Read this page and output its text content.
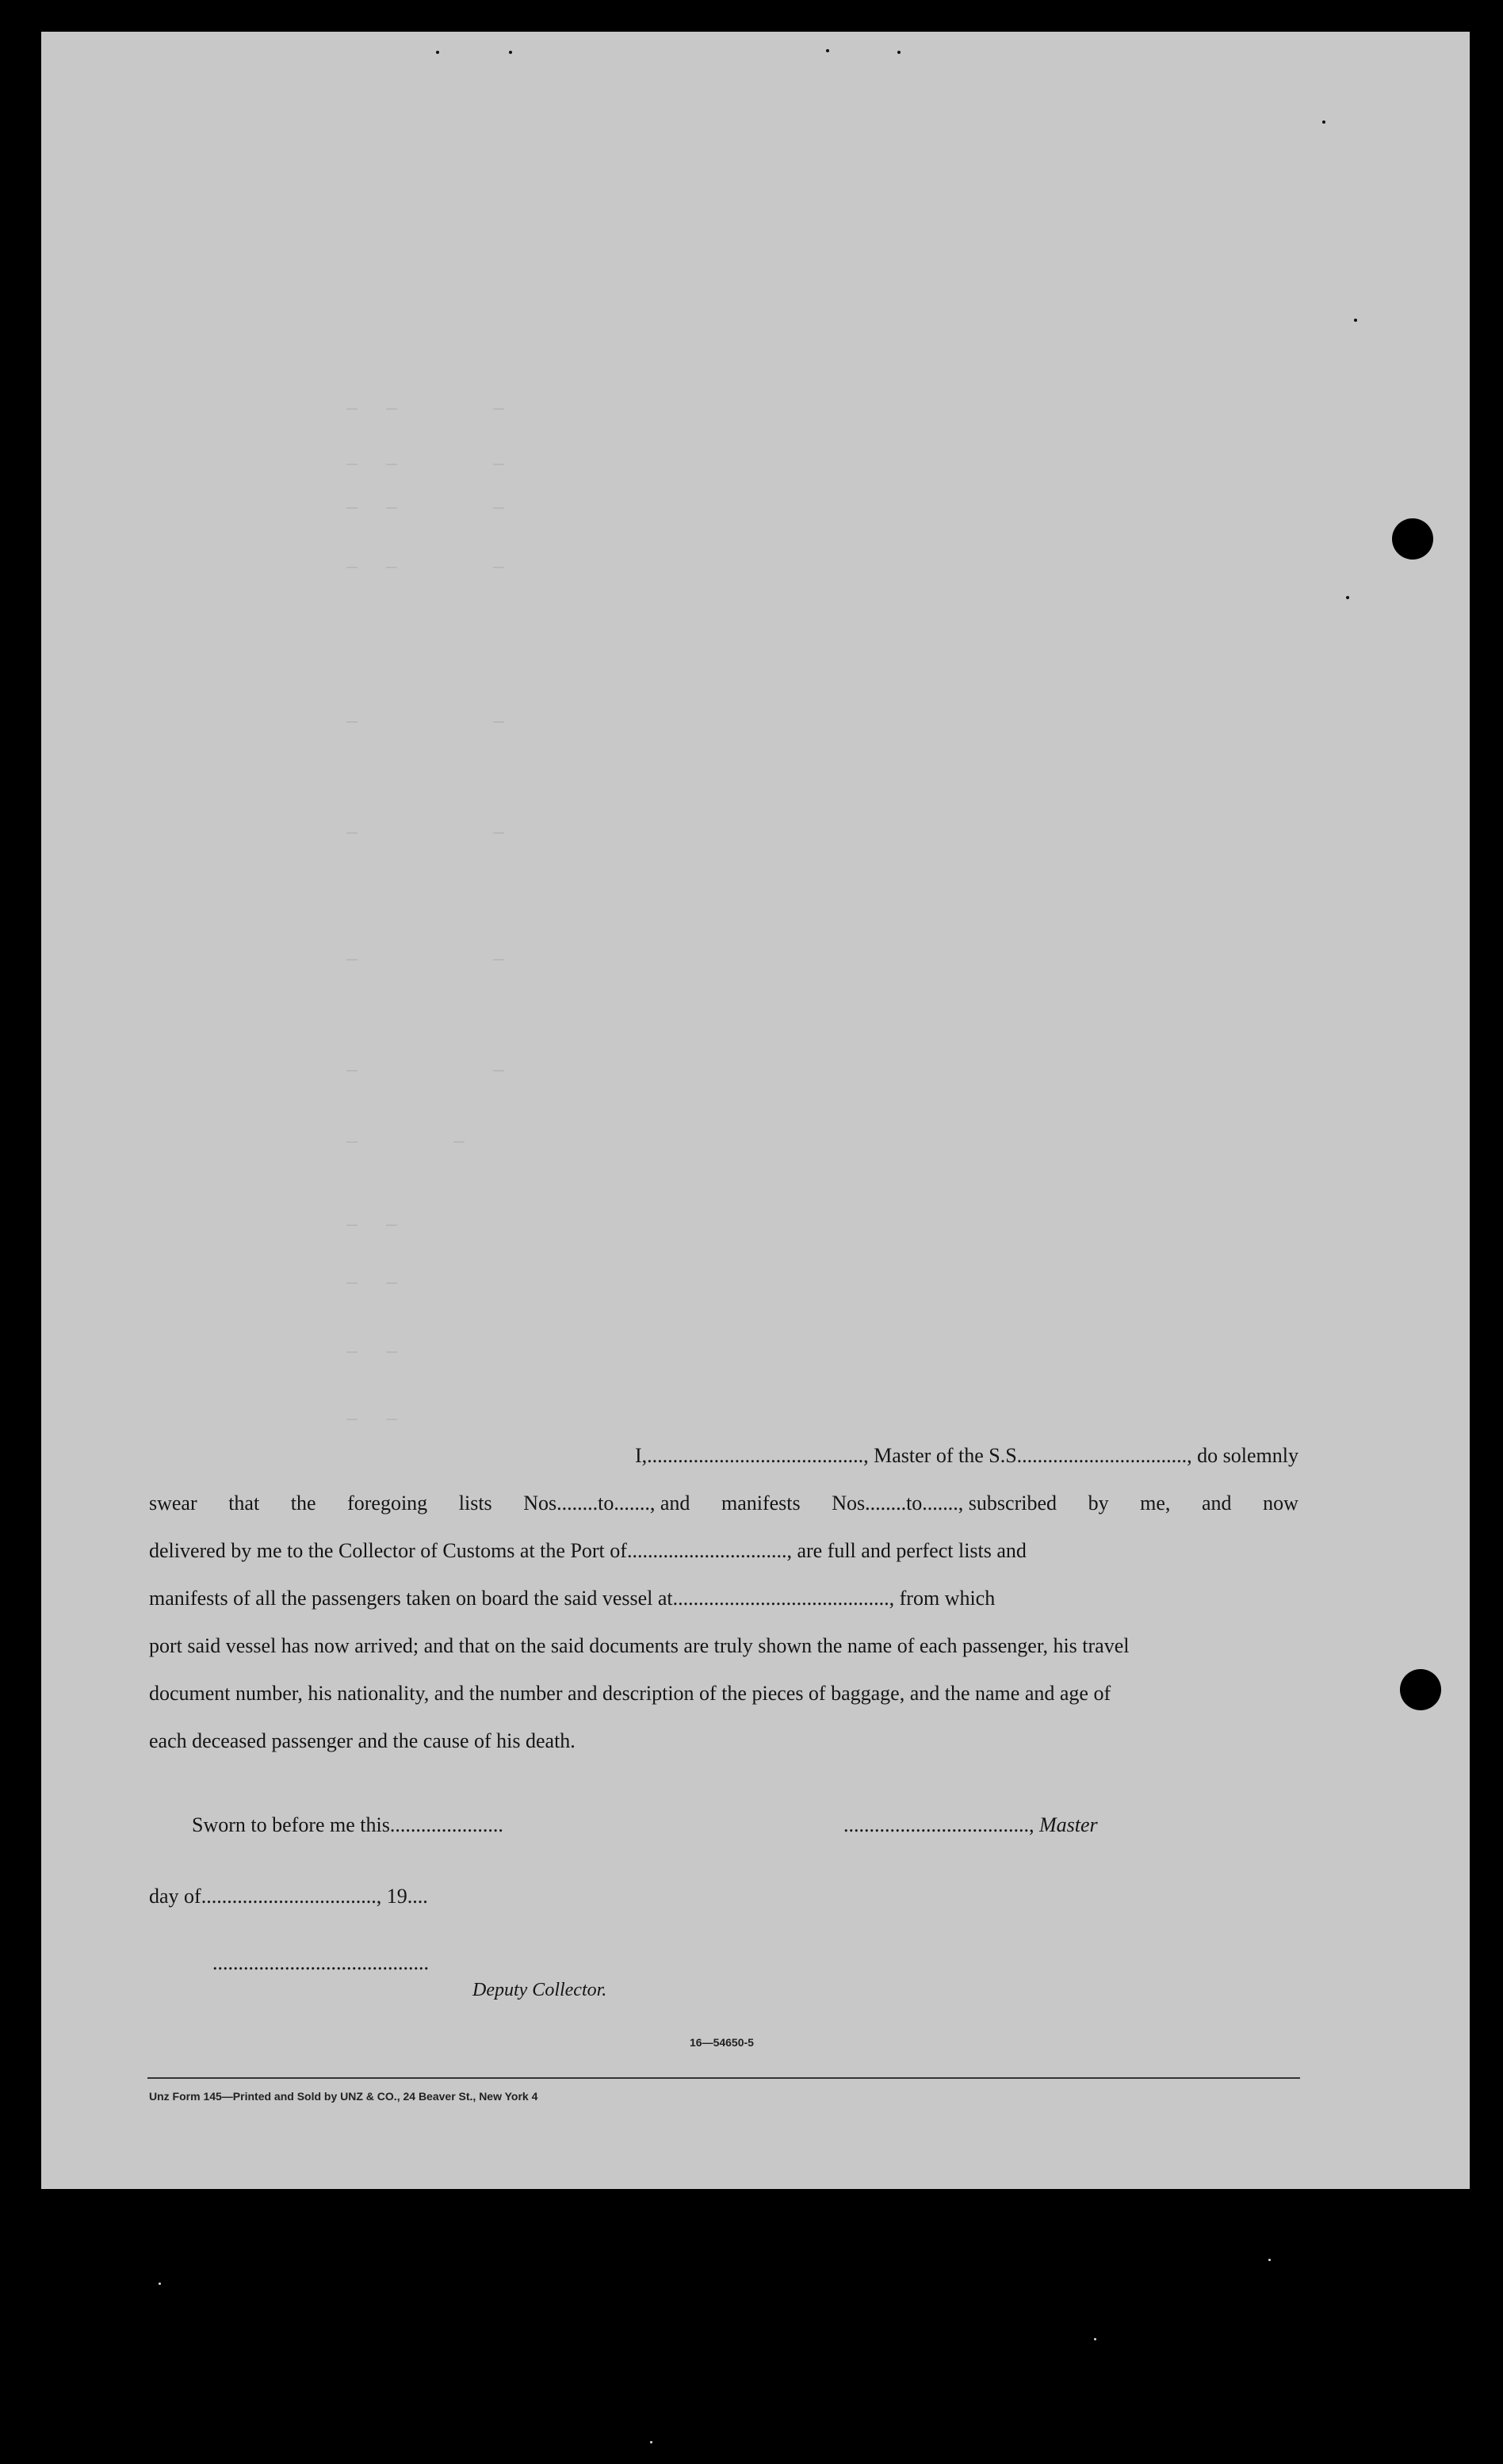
I,.........................................., Master of the S.S................................., do solemnly
swear that the foregoing lists Nos........to......., and manifests Nos........to......., subscribed by me, and now
delivered by me to the Collector of Customs at the Port of..............................., are full and perfect lists and
manifests of all the passengers taken on board the said vessel at.........................................., from which
port said vessel has now arrived; and that on the said documents are truly shown the name of each passenger, his travel
document number, his nationality, and the number and description of the pieces of baggage, and the name and age of
each deceased passenger and the cause of his death.
Sworn to before me this......................	...................................., Master
day of.................................., 19....
..........................................
Deputy Collector.
16—54650-5
Unz Form 145—Printed and Sold by UNZ & CO., 24 Beaver St., New York 4
